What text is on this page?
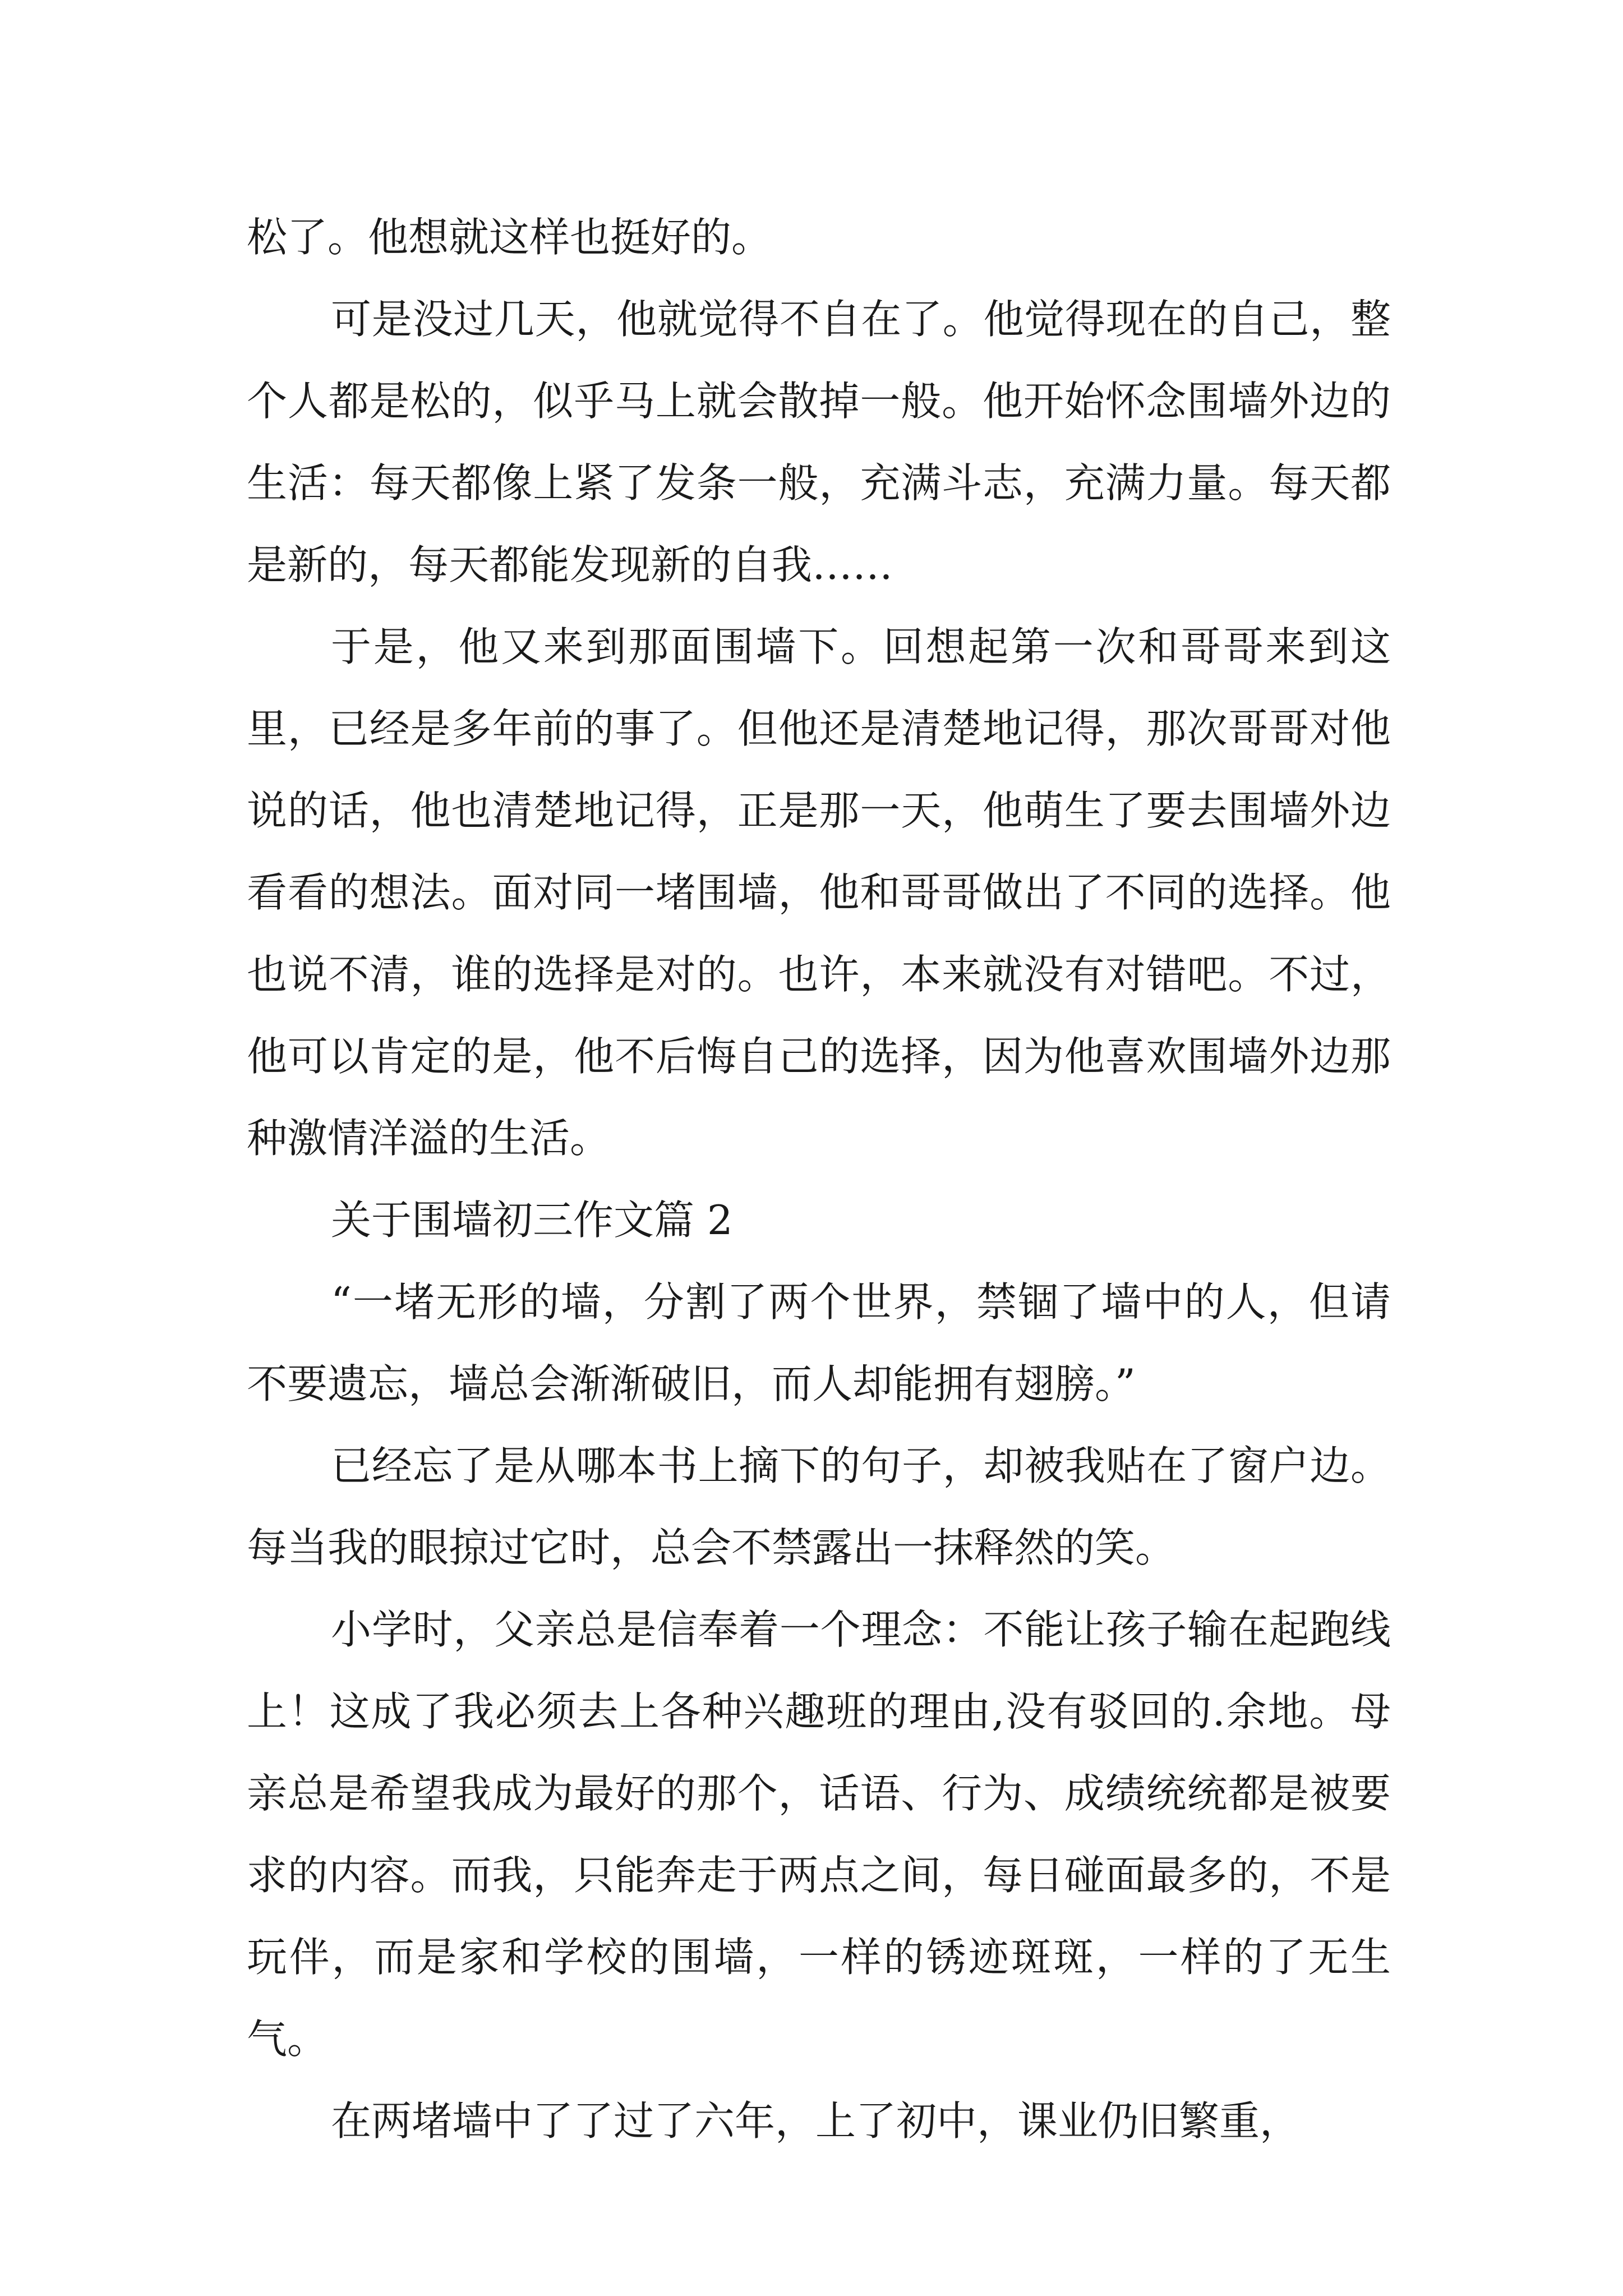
松了。他想就这样也挺好的。

可是没过几天，他就觉得不自在了。他觉得现在的自己，整个人都是松的，似乎马上就会散掉一般。他开始怀念围墙外边的生活：每天都像上紧了发条一般，充满斗志，充满力量。每天都是新的，每天都能发现新的自我……

于是，他又来到那面围墙下。回想起第一次和哥哥来到这里，已经是多年前的事了。但他还是清楚地记得，那次哥哥对他说的话，他也清楚地记得，正是那一天，他萌生了要去围墙外边看看的想法。面对同一堵围墙，他和哥哥做出了不同的选择。他也说不清，谁的选择是对的。也许，本来就没有对错吧。不过，他可以肯定的是，他不后悔自己的选择，因为他喜欢围墙外边那种激情洋溢的生活。

关于围墙初三作文篇 2

“一堵无形的墙，分割了两个世界，禁锢了墙中的人，但请不要遗忘，墙总会渐渐破旧，而人却能拥有翅膀。”

已经忘了是从哪本书上摘下的句子，却被我贴在了窗户边。每当我的眼掠过它时，总会不禁露出一抹释然的笑。

小学时，父亲总是信奉着一个理念：不能让孩子输在起跑线上！这成了我必须去上各种兴趣班的理由,没有驳回的.余地。母亲总是希望我成为最好的那个，话语、行为、成绩统统都是被要求的内容。而我，只能奔走于两点之间，每日碰面最多的，不是玩伴，而是家和学校的围墙，一样的锈迹斑斑，一样的了无生气。

在两堵墙中了了过了六年，上了初中，课业仍旧繁重，
